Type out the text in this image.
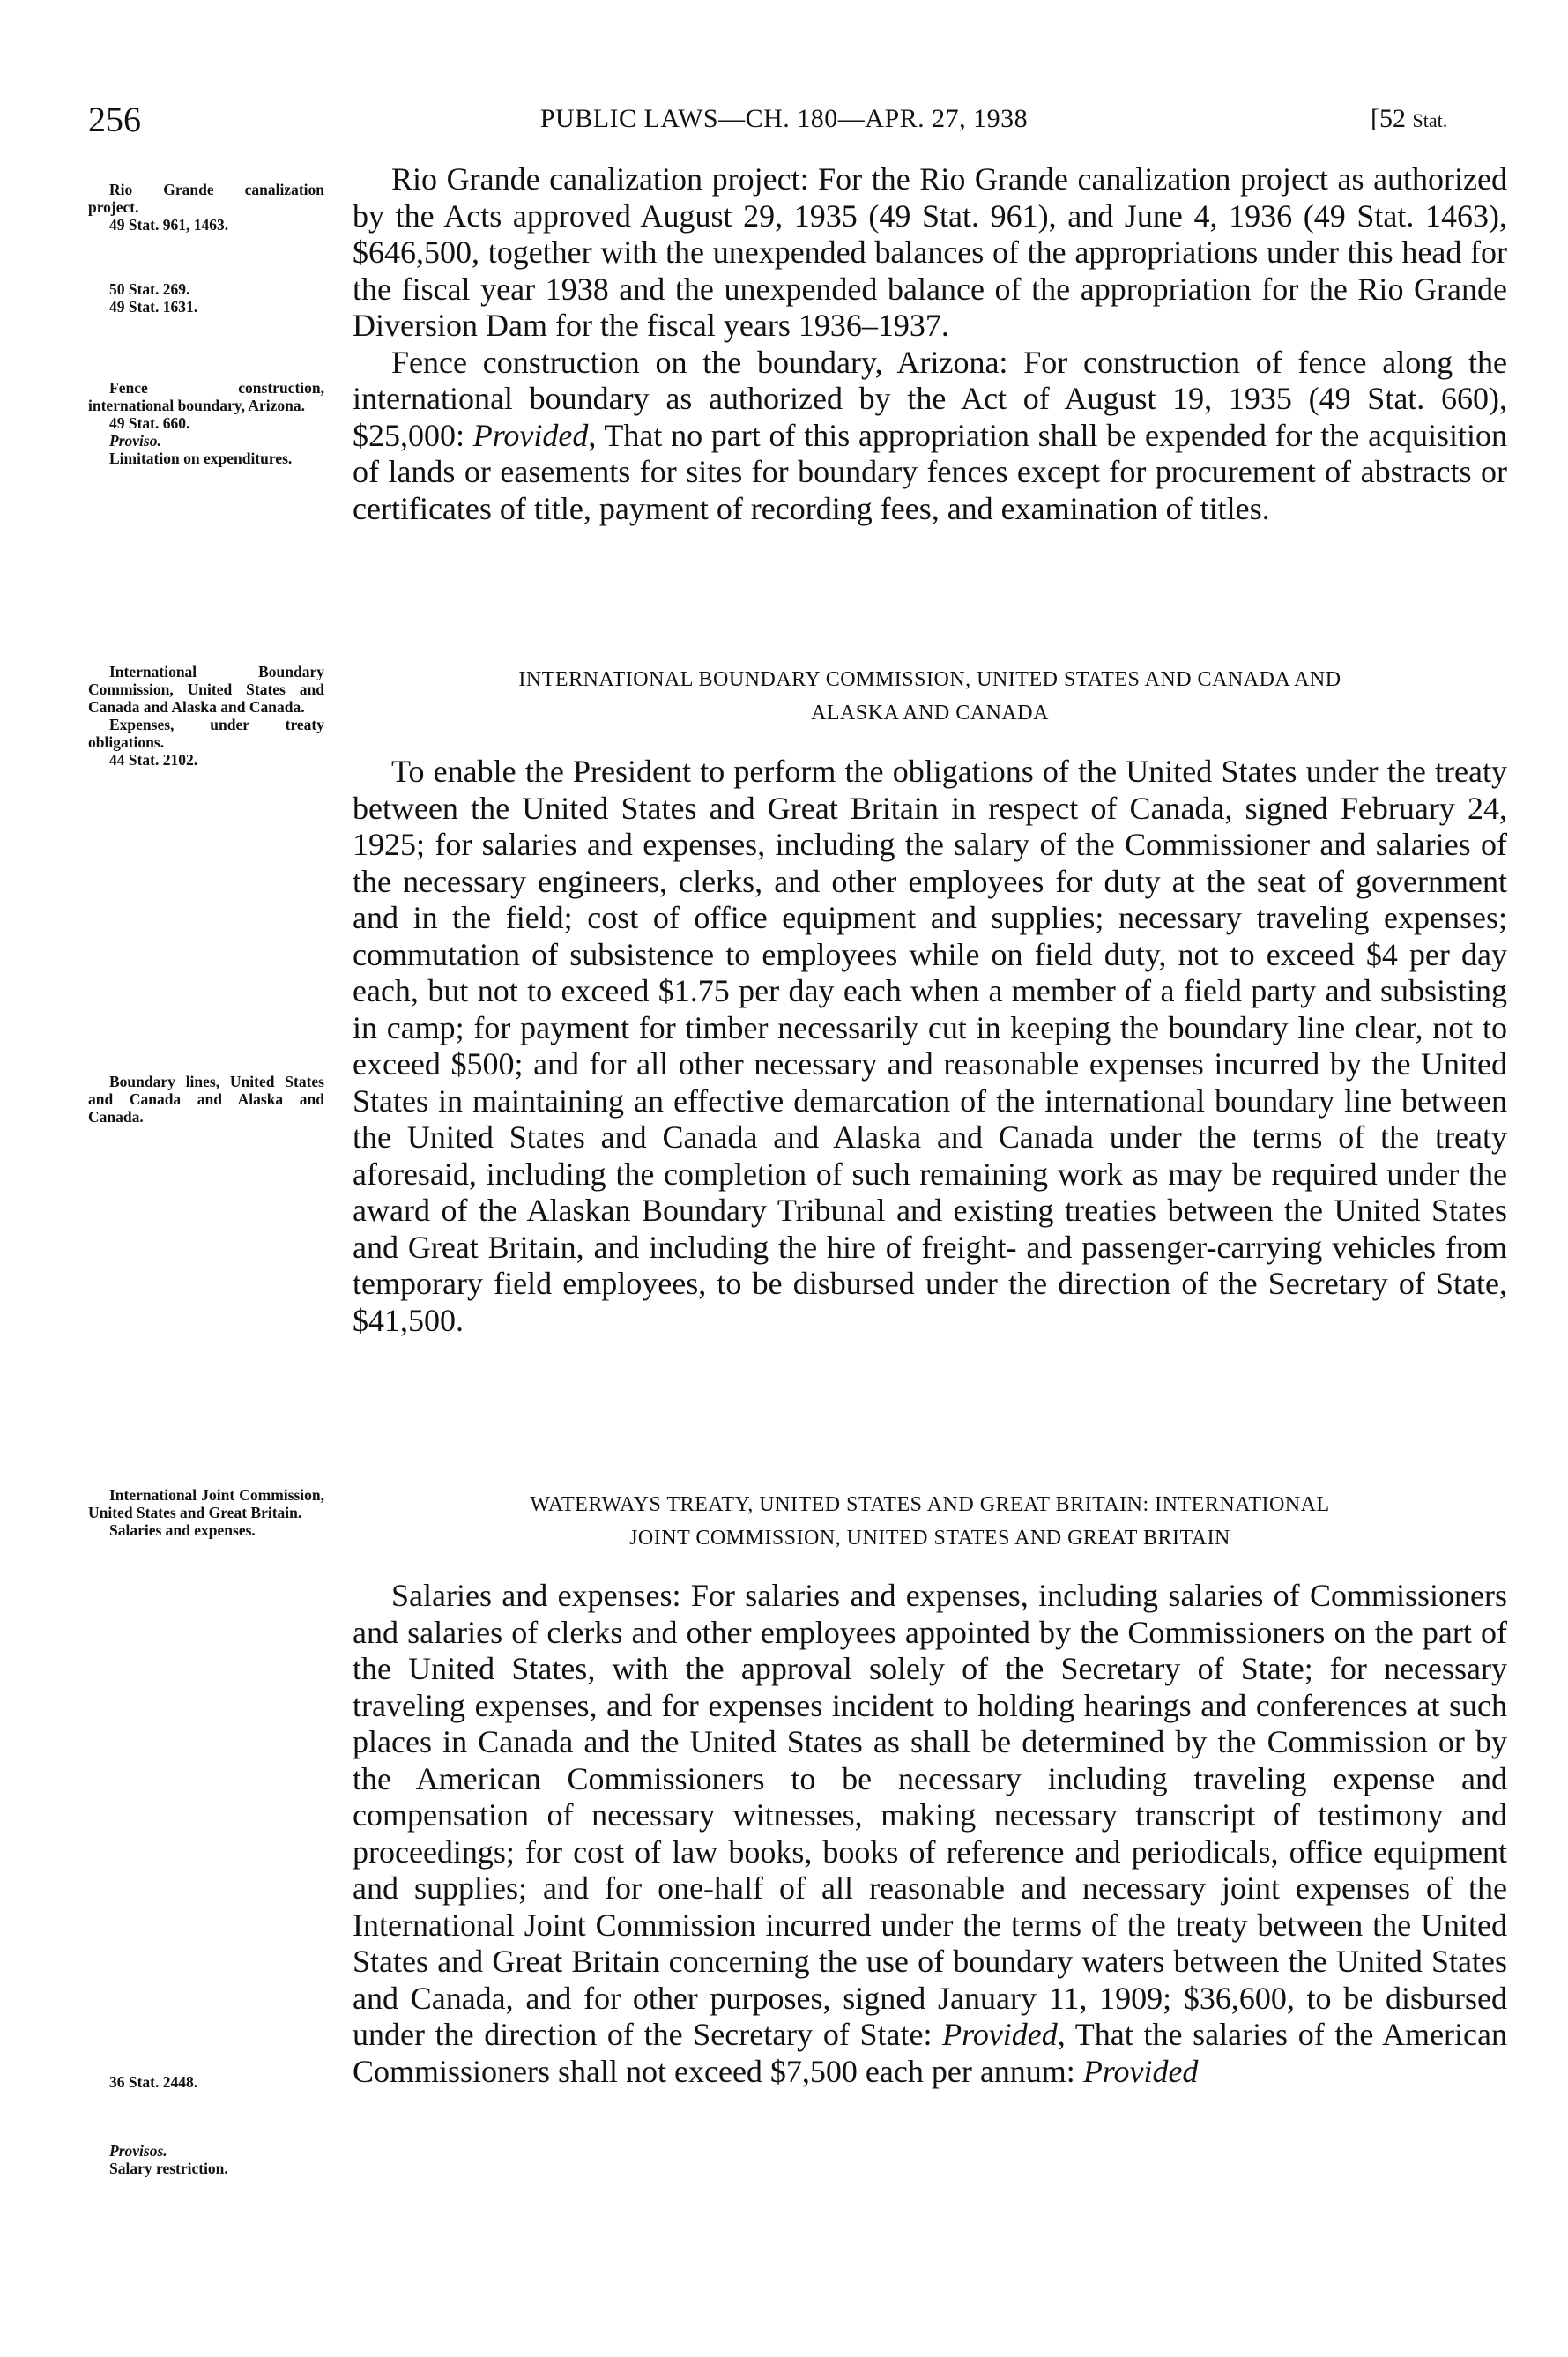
256	PUBLIC LAWS—CH. 180—APR. 27, 1938	[52 Stat.

Rio Grande canalization project.

49 Stat. 961, 1463.

50 Stat. 269.

49 Stat. 1631.

Fence construction, international boundary, Arizona.

49 Stat. 660.

Proviso.

Limitation on expenditures.

International Boundary Commission, United States and Canada and Alaska and Canada.

Expenses, under treaty obligations.

44 Stat. 2102.

Boundary lines, United States and Canada and Alaska and Canada.

International Joint Commission, United States and Great Britain.

Salaries and expenses.

36 Stat. 2448.

Provisos.

Salary restriction.

Rio Grande canalization project: For the Rio Grande canalization project as authorized by the Acts approved August 29, 1935 (49 Stat. 961), and June 4, 1936 (49 Stat. 1463), $646,500, together with the unexpended balances of the appropriations under this head for the fiscal year 1938 and the unexpended balance of the appropriation for the Rio Grande Diversion Dam for the fiscal years 1936–1937.

Fence construction on the boundary, Arizona: For construction of fence along the international boundary as authorized by the Act of August 19, 1935 (49 Stat. 660), $25,000: Provided, That no part of this appropriation shall be expended for the acquisition of lands or easements for sites for boundary fences except for procurement of abstracts or certificates of title, payment of recording fees, and examination of titles.

INTERNATIONAL BOUNDARY COMMISSION, UNITED STATES AND CANADA AND
ALASKA AND CANADA

To enable the President to perform the obligations of the United States under the treaty between the United States and Great Britain in respect of Canada, signed February 24, 1925; for salaries and expenses, including the salary of the Commissioner and salaries of the necessary engineers, clerks, and other employees for duty at the seat of government and in the field; cost of office equipment and supplies; necessary traveling expenses; commutation of subsistence to employees while on field duty, not to exceed $4 per day each, but not to exceed $1.75 per day each when a member of a field party and subsisting in camp; for payment for timber necessarily cut in keeping the boundary line clear, not to exceed $500; and for all other necessary and reasonable expenses incurred by the United States in maintaining an effective demarcation of the international boundary line between the United States and Canada and Alaska and Canada under the terms of the treaty aforesaid, including the completion of such remaining work as may be required under the award of the Alaskan Boundary Tribunal and existing treaties between the United States and Great Britain, and including the hire of freight- and passenger-carrying vehicles from temporary field employees, to be disbursed under the direction of the Secretary of State, $41,500.

WATERWAYS TREATY, UNITED STATES AND GREAT BRITAIN: INTERNATIONAL
JOINT COMMISSION, UNITED STATES AND GREAT BRITAIN

Salaries and expenses: For salaries and expenses, including salaries of Commissioners and salaries of clerks and other employees appointed by the Commissioners on the part of the United States, with the approval solely of the Secretary of State; for necessary traveling expenses, and for expenses incident to holding hearings and conferences at such places in Canada and the United States as shall be determined by the Commission or by the American Commissioners to be necessary including traveling expense and compensation of necessary witnesses, making necessary transcript of testimony and proceedings; for cost of law books, books of reference and periodicals, office equipment and supplies; and for one-half of all reasonable and necessary joint expenses of the International Joint Commission incurred under the terms of the treaty between the United States and Great Britain concerning the use of boundary waters between the United States and Canada, and for other purposes, signed January 11, 1909; $36,600, to be disbursed under the direction of the Secretary of State: Provided, That the salaries of the American Commissioners shall not exceed $7,500 each per annum: Provided
